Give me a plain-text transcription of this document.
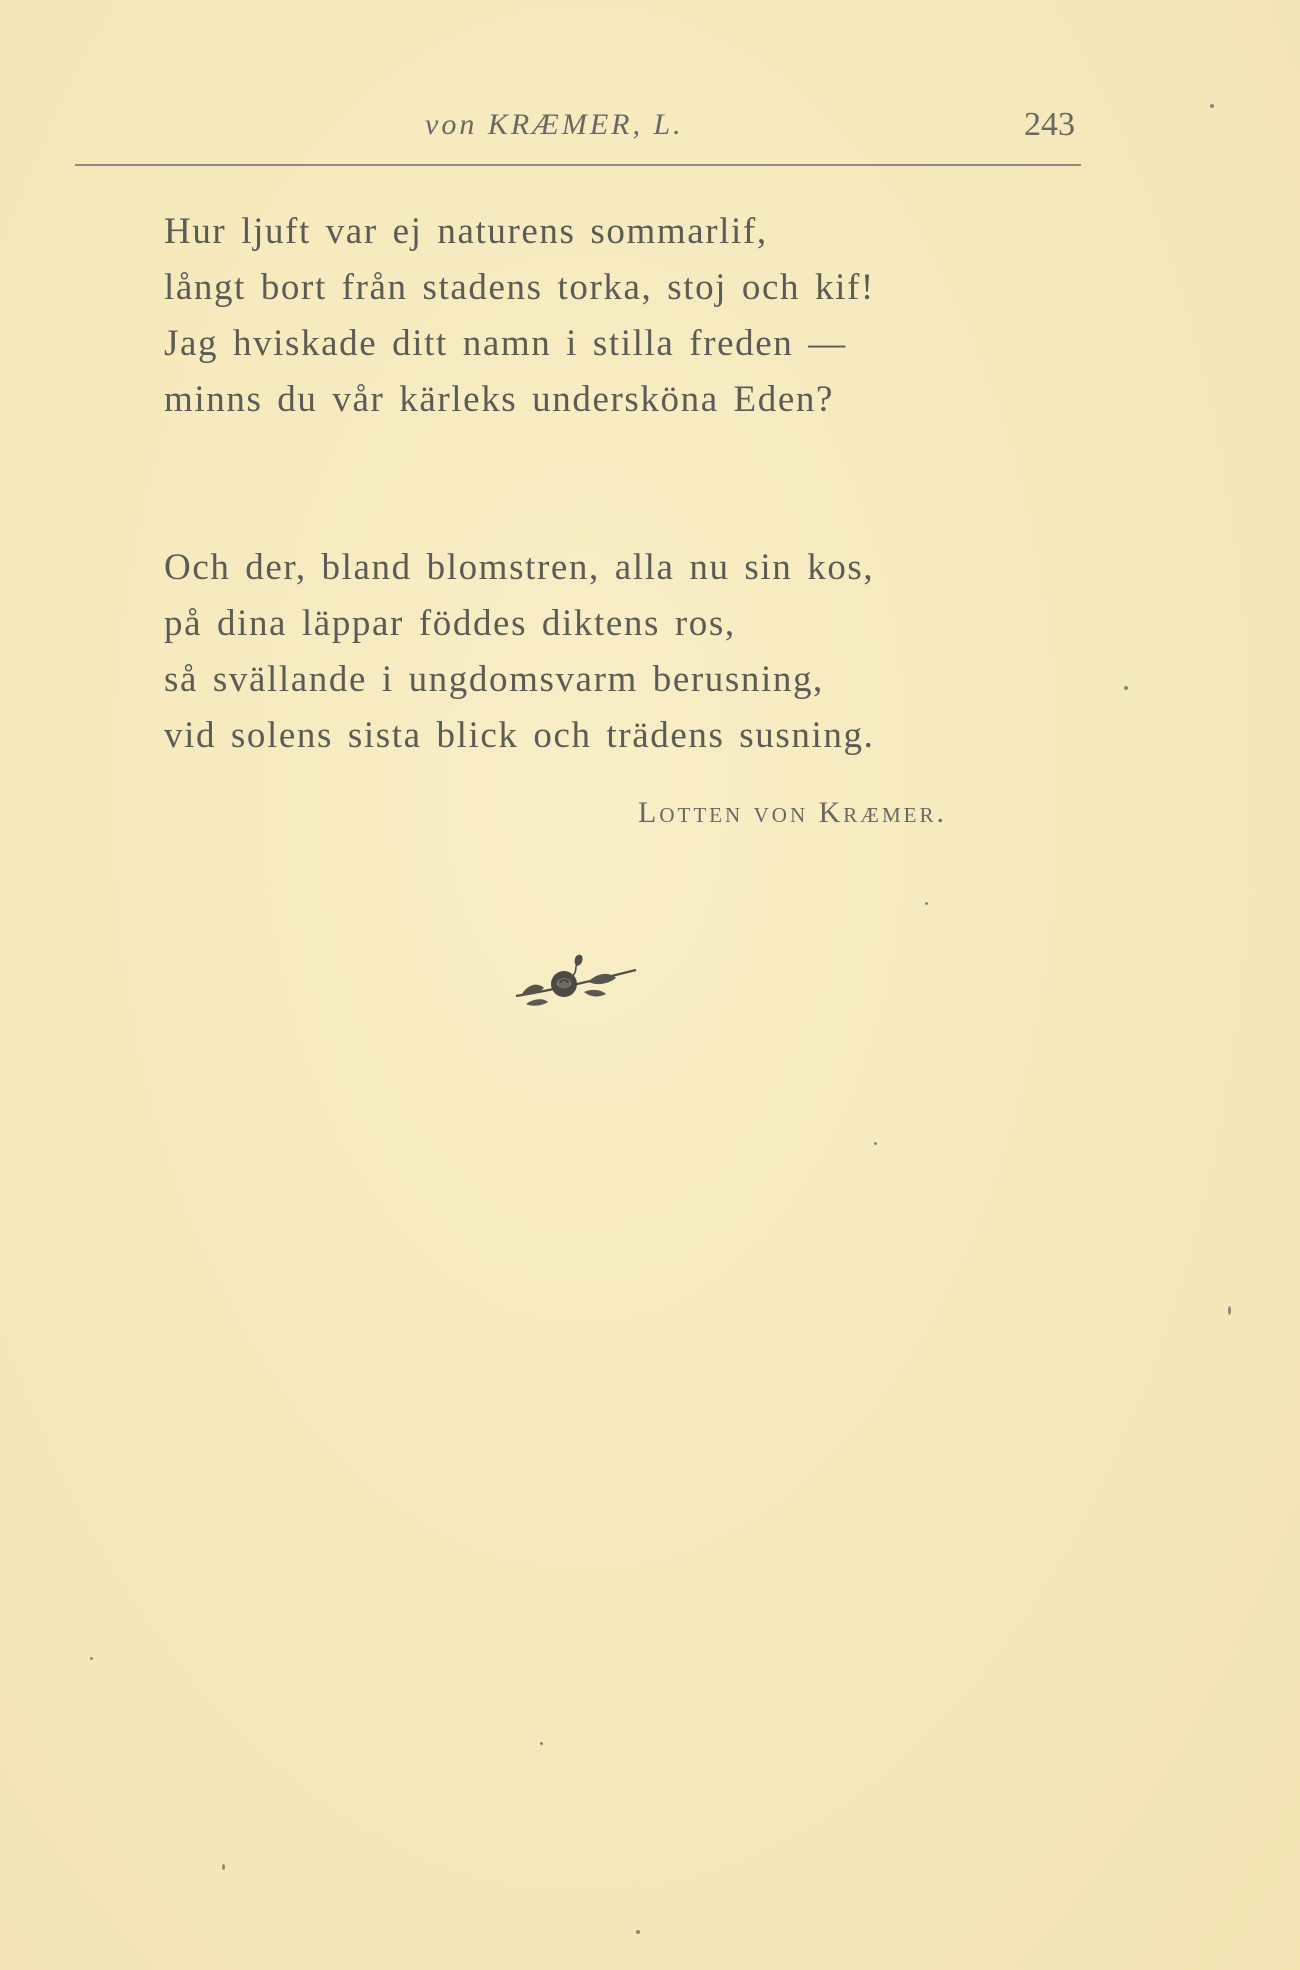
von KRÆMER, L.	243
Hur ljuft var ej naturens sommarlif,
långt bort från stadens torka, stoj och kif!
Jag hviskade ditt namn i stilla freden —
minns du vår kärleks undersköna Eden?
Och der, bland blomstren, alla nu sin kos,
på dina läppar föddes diktens ros,
så svällande i ungdomsvarm berusning,
vid solens sista blick och trädens susning.
Lotten von Kræmer.
